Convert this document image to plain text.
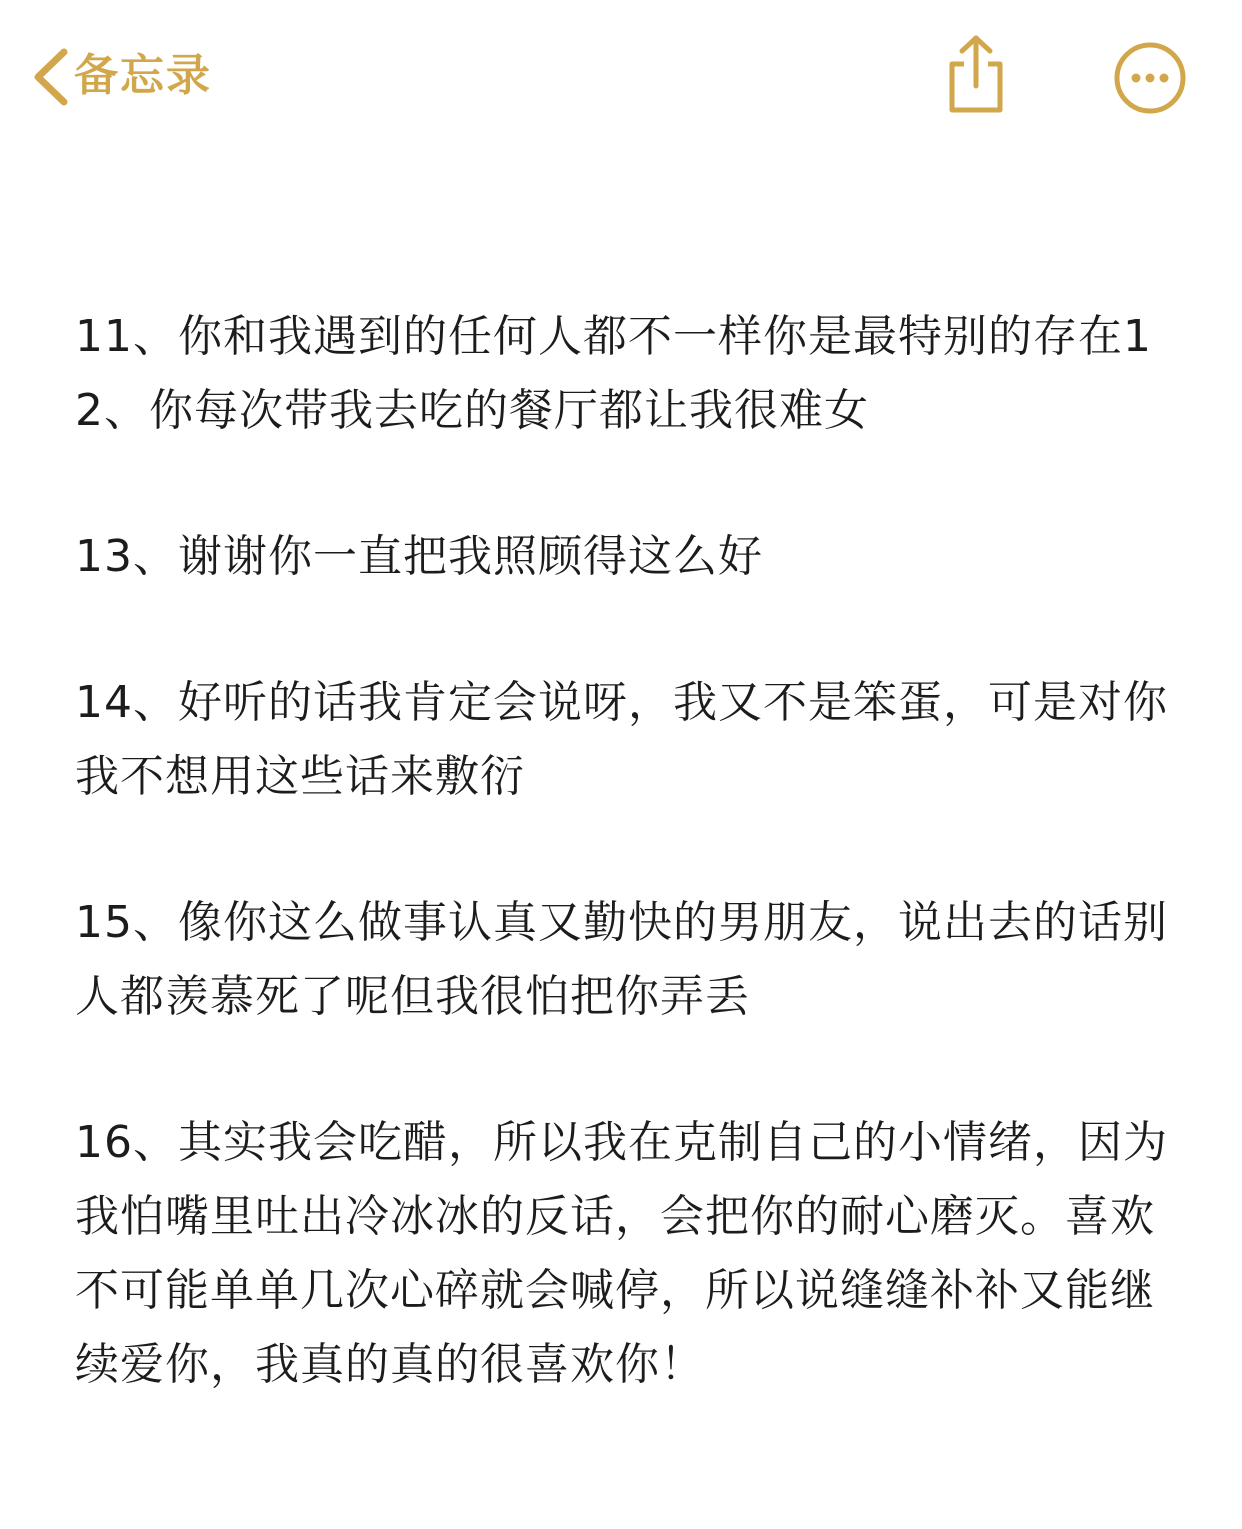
备忘录

11、你和我遇到的任何人都不一样你是最特别的存在12、你每次带我去吃的餐厅都让我很难女

13、谢谢你一直把我照顾得这么好

14、好听的话我肯定会说呀，我又不是笨蛋，可是对你我不想用这些话来敷衍

15、像你这么做事认真又勤快的男朋友，说出去的话别人都羡慕死了呢但我很怕把你弄丢

16、其实我会吃醋，所以我在克制自己的小情绪，因为我怕嘴里吐出冷冰冰的反话，会把你的耐心磨灭。喜欢不可能单单几次心碎就会喊停，所以说缝缝补补又能继续爱你，我真的真的很喜欢你！
